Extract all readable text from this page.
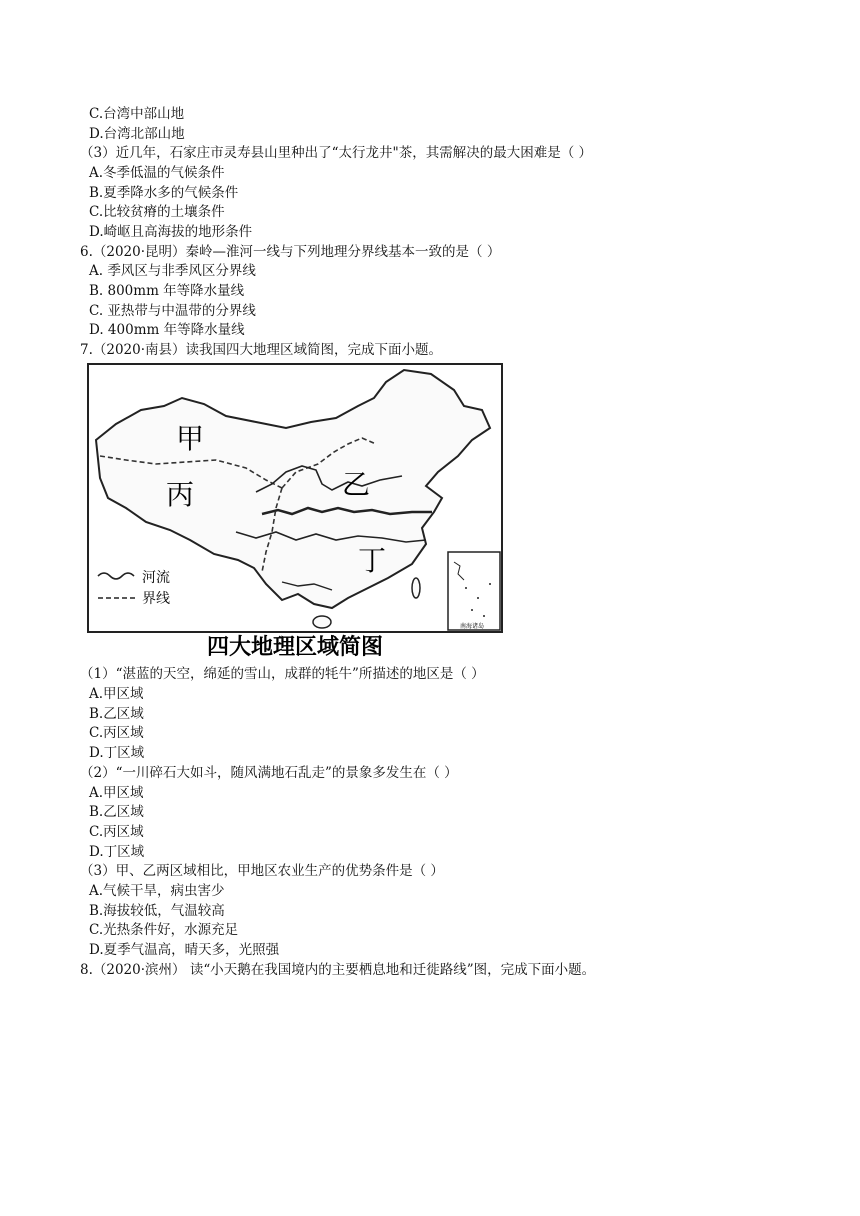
C.台湾中部山地
D.台湾北部山地
（3）近几年，石家庄市灵寿县山里种出了“太行龙井"茶，其需解决的最大困难是（ ）
A.冬季低温的气候条件
B.夏季降水多的气候条件
C.比较贫瘠的土壤条件
D.崎岖且高海拔的地形条件
6.（2020·昆明）秦岭—淮河一线与下列地理分界线基本一致的是（ ）
A. 季风区与非季风区分界线
B. 800mm 年等降水量线
C. 亚热带与中温带的分界线
D. 400mm 年等降水量线
7.（2020·南县）读我国四大地理区域简图，完成下面小题。
甲
丙	乙
丁
河流
界线
南海诸岛
四大地理区域简图
（1）“湛蓝的天空，绵延的雪山，成群的牦牛”所描述的地区是（ ）
A.甲区域
B.乙区域
C.丙区域
D.丁区域
（2）“一川碎石大如斗，随风满地石乱走”的景象多发生在（ ）
A.甲区域
B.乙区域
C.丙区域
D.丁区域
（3）甲、乙两区域相比，甲地区农业生产的优势条件是（ ）
A.气候干旱，病虫害少
B.海拔较低，气温较高
C.光热条件好，水源充足
D.夏季气温高，晴天多，光照强
8.（2020·滨州） 读“小天鹅在我国境内的主要栖息地和迁徙路线”图，完成下面小题。
